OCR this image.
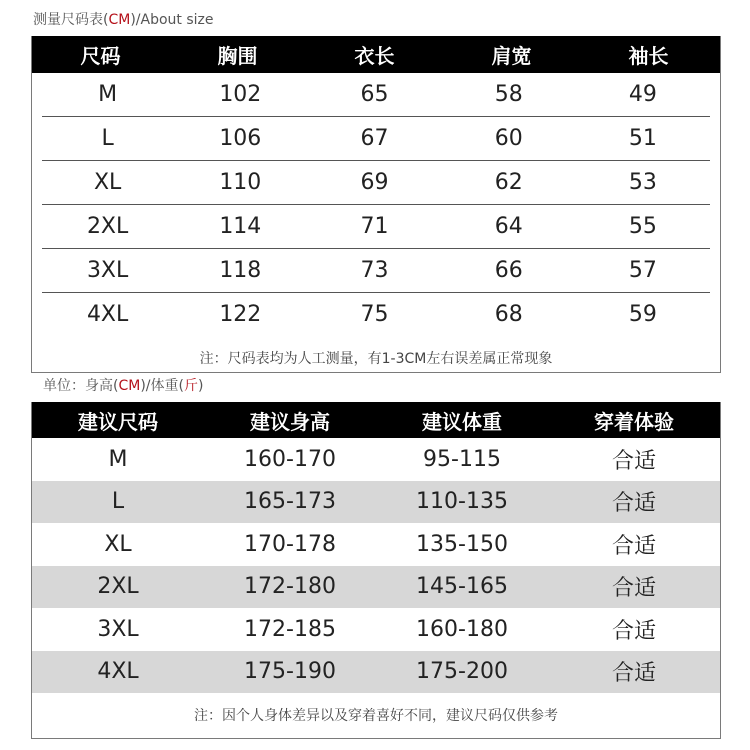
测量尺码表(CM)/About size
尺码	胸围	衣长	肩宽	袖长
M	102	65	58	49
L	106	67	60	51
XL	110	69	62	53
2XL	114	71	64	55
3XL	118	73	66	57
4XL	122	75	68	59
注：尺码表均为人工测量，有1-3CM左右误差属正常现象
单位：身高(CM)/体重(斤)
建议尺码	建议身高	建议体重	穿着体验
M	160-170	95-115	合适
L	165-173	110-135	合适
XL	170-178	135-150	合适
2XL	172-180	145-165	合适
3XL	172-185	160-180	合适
4XL	175-190	175-200	合适
注：因个人身体差异以及穿着喜好不同，建议尺码仅供参考
